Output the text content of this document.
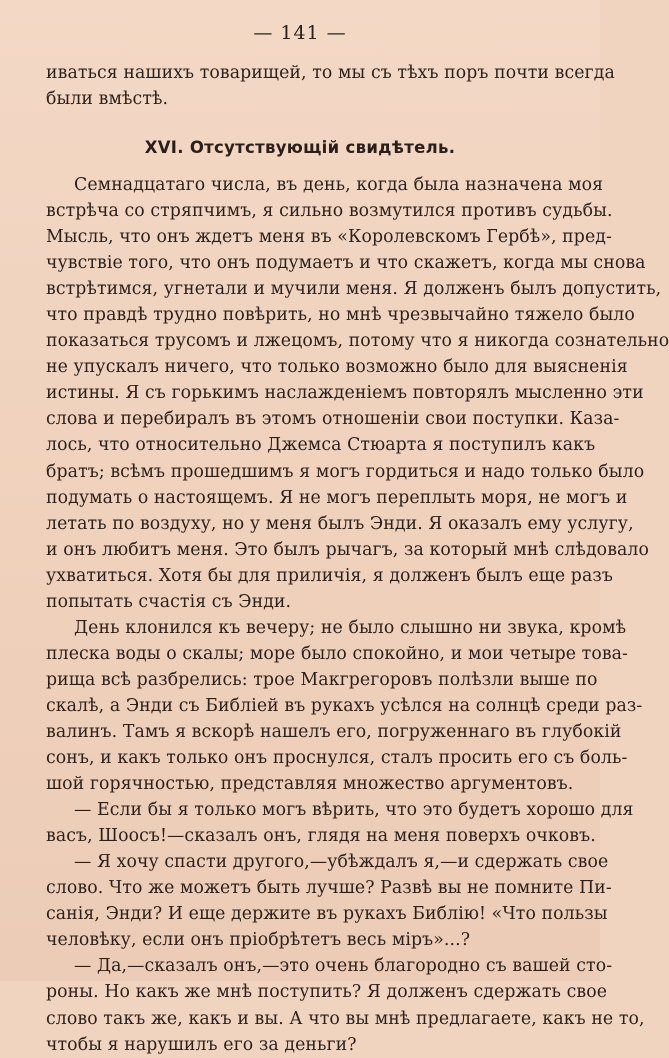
— 141 —
иваться нашихъ товарищей, то мы съ тѣхъ поръ почти всегда
были вмѣстѣ.
XVI. Отсутствующій свидѣтель.
Семнадцатаго числа, въ день, когда была назначена моя
встрѣча со стряпчимъ, я сильно возмутился противъ судьбы.
Мысль, что онъ ждетъ меня въ «Королевскомъ Гербѣ», пред-
чувствіе того, что онъ подумаетъ и что скажетъ, когда мы снова
встрѣтимся, угнетали и мучили меня. Я долженъ былъ допустить,
что правдѣ трудно повѣрить, но мнѣ чрезвычайно тяжело было
показаться трусомъ и лжецомъ, потому что я никогда сознательно
не упускалъ ничего, что только возможно было для выясненія
истины. Я съ горькимъ наслажденіемъ повторялъ мысленно эти
слова и перебиралъ въ этомъ отношеніи свои поступки. Каза-
лось, что относительно Джемса Стюарта я поступилъ какъ
братъ; всѣмъ прошедшимъ я могъ гордиться и надо только было
подумать о настоящемъ. Я не могъ переплыть моря, не могъ и
летать по воздуху, но у меня былъ Энди. Я оказалъ ему услугу,
и онъ любитъ меня. Это былъ рычагъ, за который мнѣ слѣдовало
ухватиться. Хотя бы для приличія, я долженъ былъ еще разъ
попытать счастія съ Энди.
День клонился къ вечеру; не было слышно ни звука, кромѣ
плеска воды о скалы; море было спокойно, и мои четыре това-
рища всѣ разбрелись: трое Макгрегоровъ полѣзли выше по
скалѣ, а Энди съ Библіей въ рукахъ усѣлся на солнцѣ среди раз-
валинъ. Тамъ я вскорѣ нашелъ его, погруженнаго въ глубокій
сонъ, и какъ только онъ проснулся, сталъ просить его съ боль-
шой горячностью, представляя множество аргументовъ.
— Если бы я только могъ вѣрить, что это будетъ хорошо для
васъ, Шоосъ!—сказалъ онъ, глядя на меня поверхъ очковъ.
— Я хочу спасти другого,—убѣждалъ я,—и сдержать свое
слово. Что же можетъ быть лучше? Развѣ вы не помните Пи-
санія, Энди? И еще держите въ рукахъ Библію! «Что пользы
человѣку, если онъ пріобрѣтетъ весь міръ»...?
— Да,—сказалъ онъ,—это очень благородно съ вашей сто-
роны. Но какъ же мнѣ поступить? Я долженъ сдержать свое
слово такъ же, какъ и вы. А что вы мнѣ предлагаете, какъ не то,
чтобы я нарушилъ его за деньги?
